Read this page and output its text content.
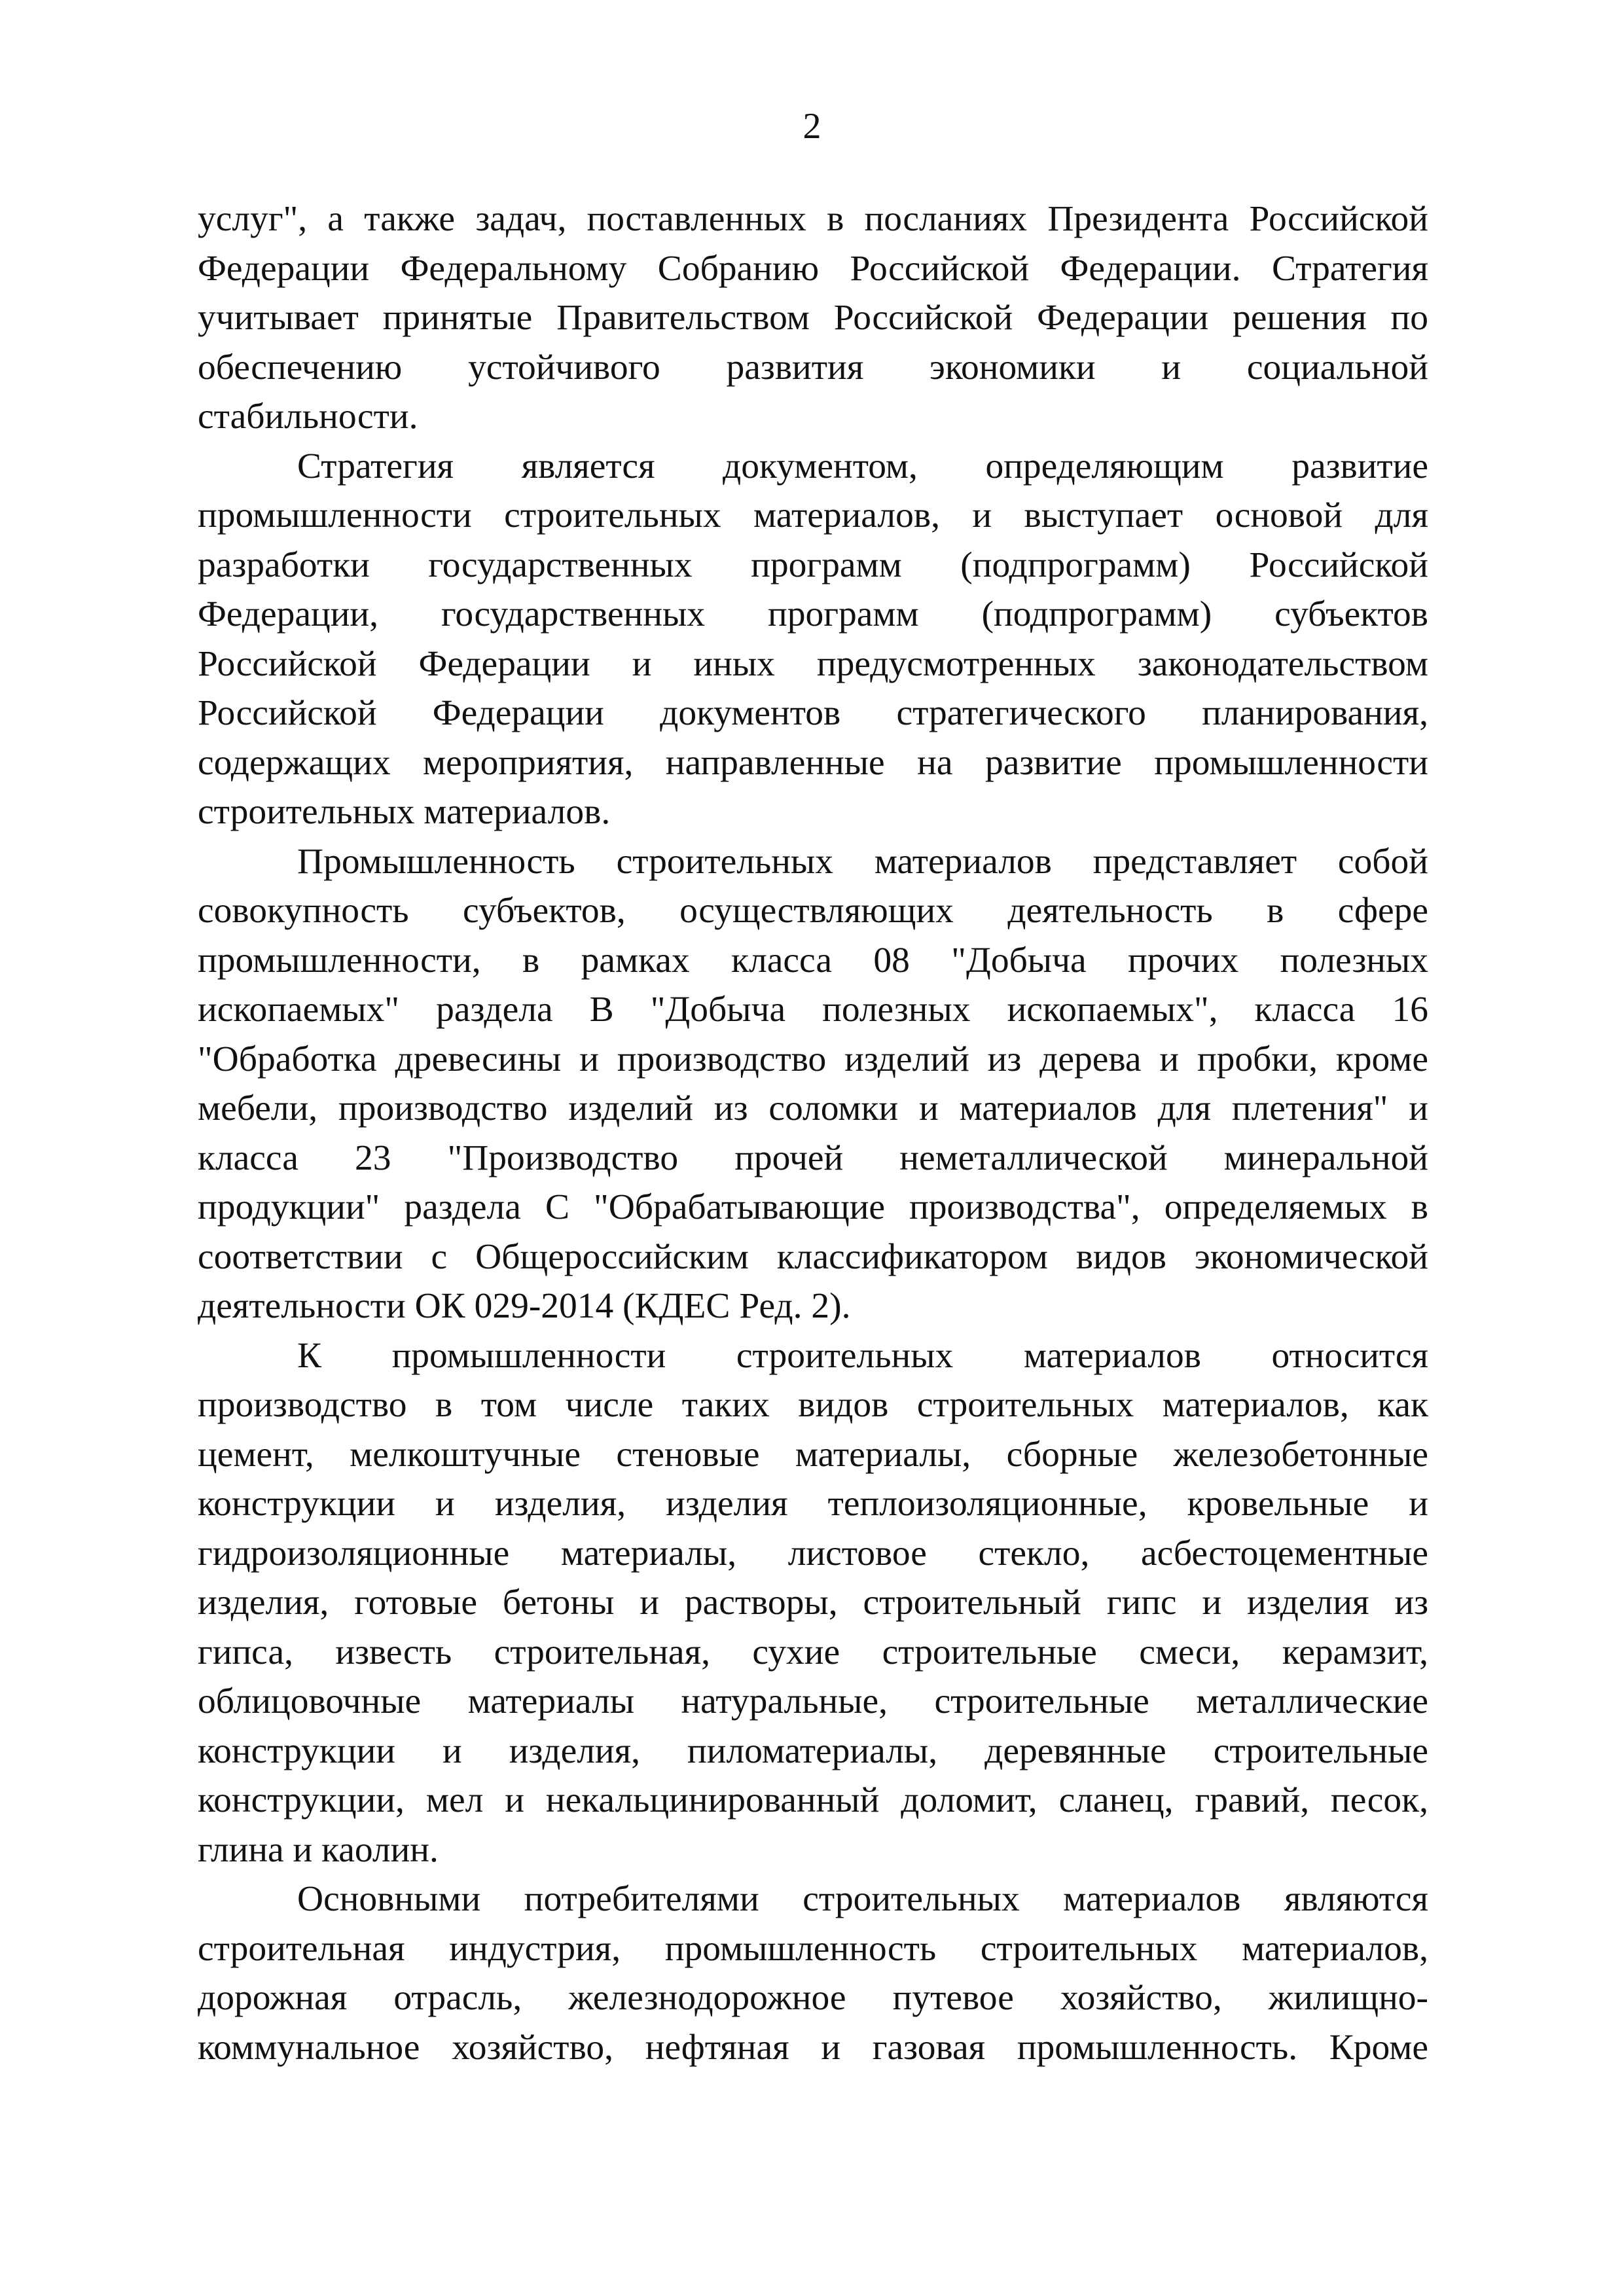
2

услуг", а также задач, поставленных в посланиях Президента Российской
Федерации Федеральному Собранию Российской Федерации. Стратегия
учитывает принятые Правительством Российской Федерации решения по
обеспечению устойчивого развития экономики и социальной
стабильности.

Стратегия является документом, определяющим развитие
промышленности строительных материалов, и выступает основой для
разработки государственных программ (подпрограмм) Российской
Федерации, государственных программ (подпрограмм) субъектов
Российской Федерации и иных предусмотренных законодательством
Российской Федерации документов стратегического планирования,
содержащих мероприятия, направленные на развитие промышленности
строительных материалов.

Промышленность строительных материалов представляет собой
совокупность субъектов, осуществляющих деятельность в сфере
промышленности, в рамках класса 08 "Добыча прочих полезных
ископаемых" раздела В "Добыча полезных ископаемых", класса 16
"Обработка древесины и производство изделий из дерева и пробки, кроме
мебели, производство изделий из соломки и материалов для плетения" и
класса 23 "Производство прочей неметаллической минеральной
продукции" раздела С "Обрабатывающие производства", определяемых в
соответствии с Общероссийским классификатором видов экономической
деятельности ОК 029-2014 (КДЕС Ред. 2).

К промышленности строительных материалов относится
производство в том числе таких видов строительных материалов, как
цемент, мелкоштучные стеновые материалы, сборные железобетонные
конструкции и изделия, изделия теплоизоляционные, кровельные и
гидроизоляционные материалы, листовое стекло, асбестоцементные
изделия, готовые бетоны и растворы, строительный гипс и изделия из
гипса, известь строительная, сухие строительные смеси, керамзит,
облицовочные материалы натуральные, строительные металлические
конструкции и изделия, пиломатериалы, деревянные строительные
конструкции, мел и некальцинированный доломит, сланец, гравий, песок,
глина и каолин.

Основными потребителями строительных материалов являются
строительная индустрия, промышленность строительных материалов,
дорожная отрасль, железнодорожное путевое хозяйство, жилищно-
коммунальное хозяйство, нефтяная и газовая промышленность. Кроме
